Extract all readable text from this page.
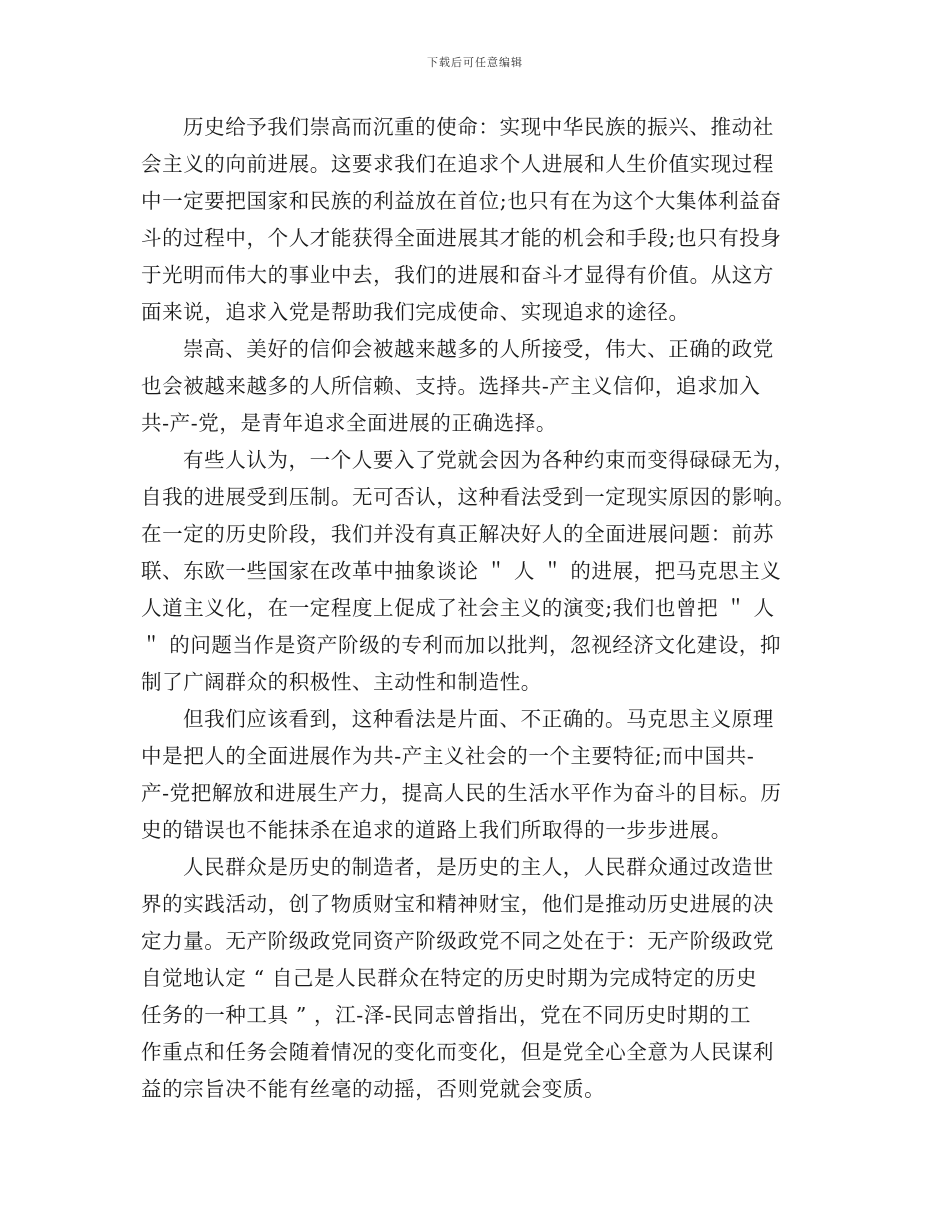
下载后可任意编辑
历史给予我们崇高而沉重的使命：实现中华民族的振兴、推动社
会主义的向前进展。这要求我们在追求个人进展和人生价值实现过程
中一定要把国家和民族的利益放在首位;也只有在为这个大集体利益奋
斗的过程中，个人才能获得全面进展其才能的机会和手段;也只有投身
于光明而伟大的事业中去，我们的进展和奋斗才显得有价值。从这方
面来说，追求入党是帮助我们完成使命、实现追求的途径。
崇高、美好的信仰会被越来越多的人所接受，伟大、正确的政党
也会被越来越多的人所信赖、支持。选择共-产主义信仰，追求加入
共-产-党，是青年追求全面进展的正确选择。
有些人认为，一个人要入了党就会因为各种约束而变得碌碌无为，
自我的进展受到压制。无可否认，这种看法受到一定现实原因的影响。
在一定的历史阶段，我们并没有真正解决好人的全面进展问题：前苏
联、东欧一些国家在改革中抽象谈论 ＂ 人 ＂ 的进展，把马克思主义
人道主义化，在一定程度上促成了社会主义的演变;我们也曾把 ＂ 人
＂ 的问题当作是资产阶级的专利而加以批判，忽视经济文化建设，抑
制了广阔群众的积极性、主动性和制造性。
但我们应该看到，这种看法是片面、不正确的。马克思主义原理
中是把人的全面进展作为共-产主义社会的一个主要特征;而中国共-
产-党把解放和进展生产力，提高人民的生活水平作为奋斗的目标。历
史的错误也不能抹杀在追求的道路上我们所取得的一步步进展。
人民群众是历史的制造者，是历史的主人，人民群众通过改造世
界的实践活动，创了物质财宝和精神财宝，他们是推动历史进展的决
定力量。无产阶级政党同资产阶级政党不同之处在于：无产阶级政党
自觉地认定 “ 自己是人民群众在特定的历史时期为完成特定的历史
任务的一种工具 ” ，江-泽-民同志曾指出，党在不同历史时期的工
作重点和任务会随着情况的变化而变化，但是党全心全意为人民谋利
益的宗旨决不能有丝毫的动摇，否则党就会变质。
